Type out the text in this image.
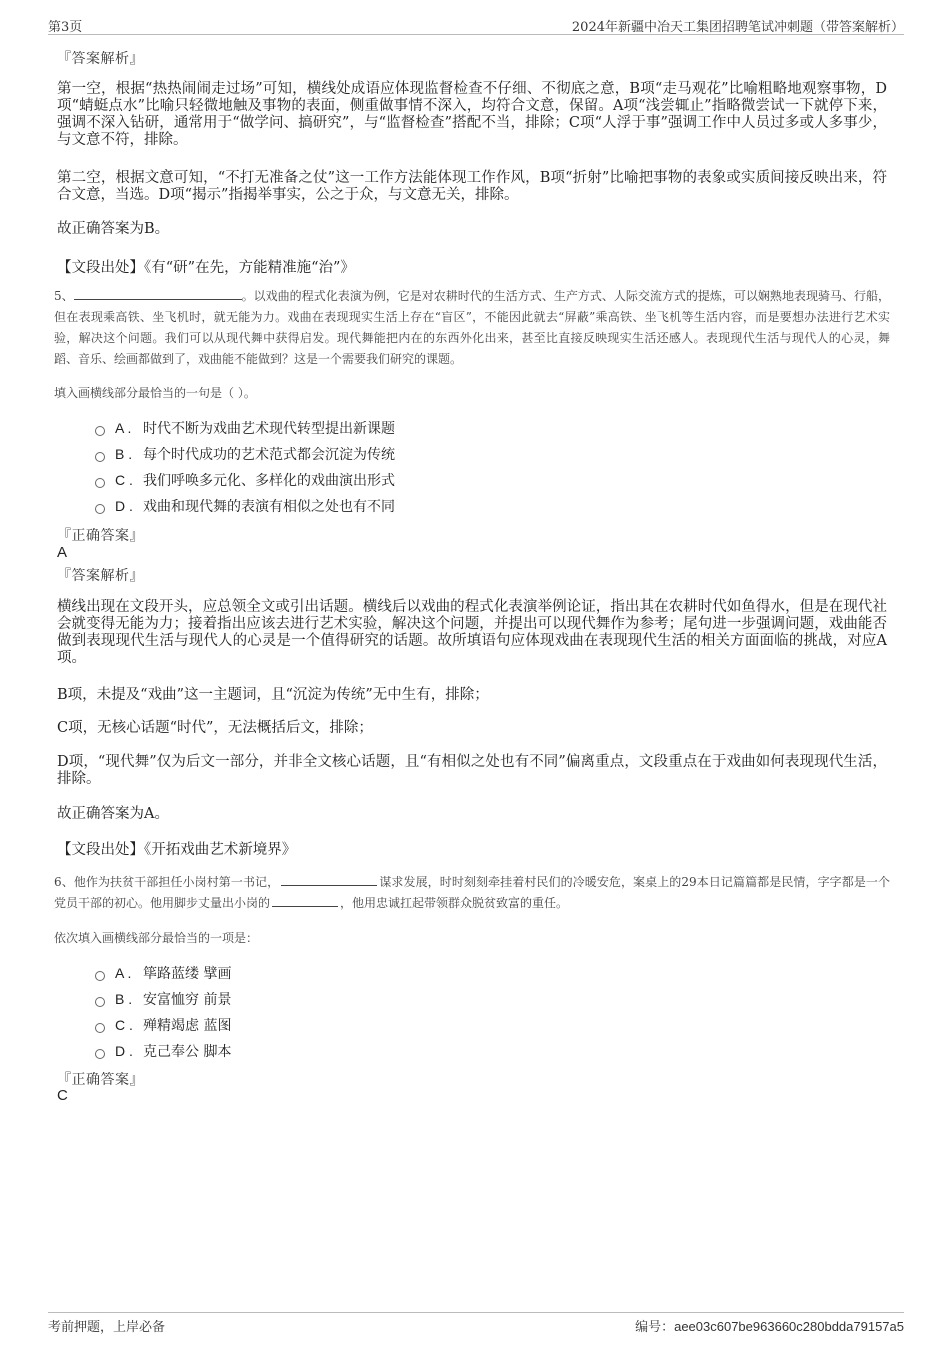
第3页	2024年新疆中冶天工集团招聘笔试冲刺题（带答案解析）
『答案解析』
第一空，根据“热热闹闹走过场”可知，横线处成语应体现监督检查不仔细、不彻底之意，B项“走马观花”比喻粗略地观察事物，D项“蜻蜓点水”比喻只轻微地触及事物的表面，侧重做事情不深入，均符合文意，保留。A项“浅尝辄止”指略微尝试一下就停下来，强调不深入钻研，通常用于“做学问、搞研究”，与“监督检查”搭配不当，排除；C项“人浮于事”强调工作中人员过多或人多事少，与文意不符，排除。
第二空，根据文意可知，“不打无准备之仗”这一工作方法能体现工作作风，B项“折射”比喻把事物的表象或实质间接反映出来，符合文意，当选。D项“揭示”指揭举事实，公之于众，与文意无关，排除。
故正确答案为B。
【文段出处】《有“研”在先，方能精准施“治”》
5、	。以戏曲的程式化表演为例，它是对农耕时代的生活方式、生产方式、人际交流方式的提炼，可以娴熟地表现骑马、行船，但在表现乘高铁、坐飞机时，就无能为力。戏曲在表现现实生活上存在“盲区”，不能因此就去“屏蔽”乘高铁、坐飞机等生活内容，而是要想办法进行艺术实验，解决这个问题。我们可以从现代舞中获得启发。现代舞能把内在的东西外化出来，甚至比直接反映现实生活还感人。表现现代生活与现代人的心灵，舞蹈、音乐、绘画都做到了，戏曲能不能做到？这是一个需要我们研究的课题。
填入画横线部分最恰当的一句是（ ）。
A . 时代不断为戏曲艺术现代转型提出新课题
B . 每个时代成功的艺术范式都会沉淀为传统
C . 我们呼唤多元化、多样化的戏曲演出形式
D . 戏曲和现代舞的表演有相似之处也有不同
『正确答案』
A
『答案解析』
横线出现在文段开头，应总领全文或引出话题。横线后以戏曲的程式化表演举例论证，指出其在农耕时代如鱼得水，但是在现代社会就变得无能为力；接着指出应该去进行艺术实验，解决这个问题，并提出可以现代舞作为参考；尾句进一步强调问题，戏曲能否做到表现现代生活与现代人的心灵是一个值得研究的话题。故所填语句应体现戏曲在表现现代生活的相关方面面临的挑战，对应A项。
B项，未提及“戏曲”这一主题词，且“沉淀为传统”无中生有，排除；
C项，无核心话题“时代”，无法概括后文，排除；
D项，“现代舞”仅为后文一部分，并非全文核心话题，且“有相似之处也有不同”偏离重点，文段重点在于戏曲如何表现现代生活，排除。
故正确答案为A。
【文段出处】《开拓戏曲艺术新境界》
6、他作为扶贫干部担任小岗村第一书记，	谋求发展，时时刻刻牵挂着村民们的冷暖安危，案桌上的29本日记篇篇都是民情，字字都是一个党员干部的初心。他用脚步丈量出小岗的	，他用忠诚扛起带领群众脱贫致富的重任。
依次填入画横线部分最恰当的一项是：
A . 筚路蓝缕 擘画
B . 安富恤穷 前景
C . 殚精竭虑 蓝图
D . 克己奉公 脚本
『正确答案』
C
考前押题，上岸必备	编号：aee03c607be963660c280bdda79157a5
